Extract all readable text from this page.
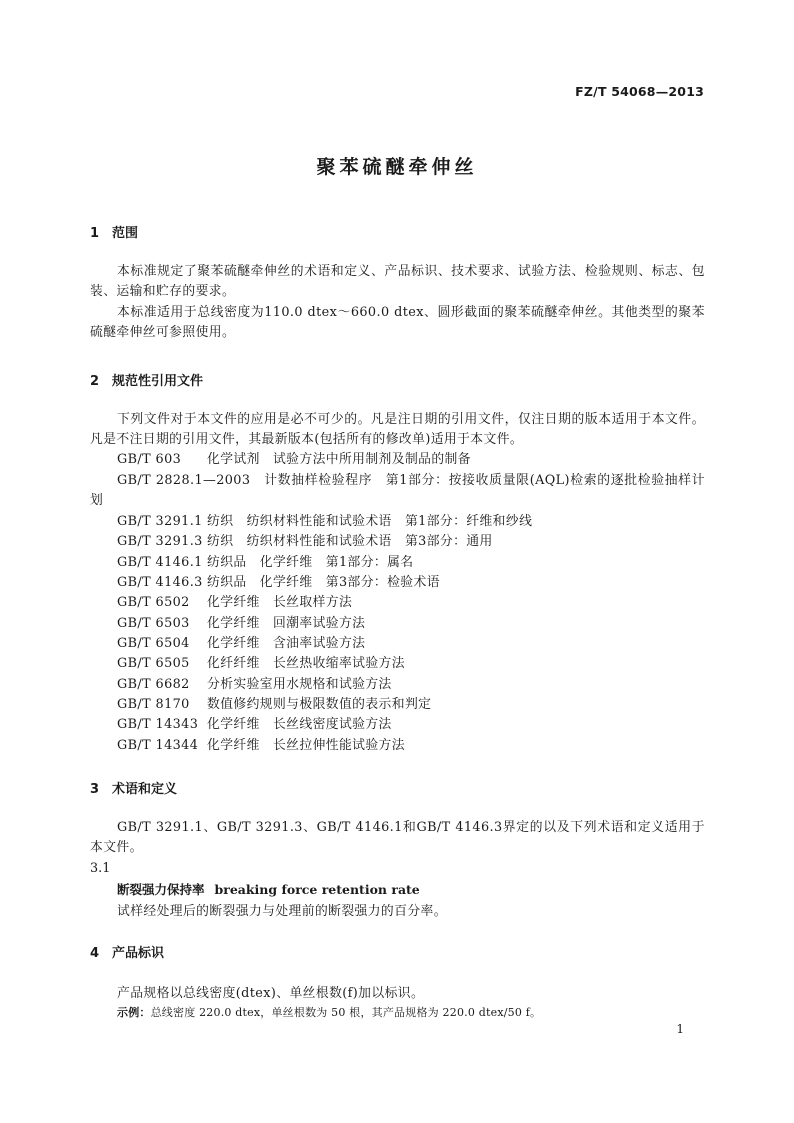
FZ/T 54068—2013
聚苯硫醚牵伸丝
1 范围
本标准规定了聚苯硫醚牵伸丝的术语和定义、产品标识、技术要求、试验方法、检验规则、标志、包装、运输和贮存的要求。
本标准适用于总线密度为110.0 dtex～660.0 dtex、圆形截面的聚苯硫醚牵伸丝。其他类型的聚苯硫醚牵伸丝可参照使用。
2 规范性引用文件
下列文件对于本文件的应用是必不可少的。凡是注日期的引用文件，仅注日期的版本适用于本文件。凡是不注日期的引用文件，其最新版本(包括所有的修改单)适用于本文件。
GB/T 603 化学试剂　试验方法中所用制剂及制品的制备
GB/T 2828.1—2003　计数抽样检验程序　第1部分：按接收质量限(AQL)检索的逐批检验抽样计划
GB/T 3291.1 纺织　纺织材料性能和试验术语　第1部分：纤维和纱线
GB/T 3291.3 纺织　纺织材料性能和试验术语　第3部分：通用
GB/T 4146.1 纺织品　化学纤维　第1部分：属名
GB/T 4146.3 纺织品　化学纤维　第3部分：检验术语
GB/T 6502 化学纤维　长丝取样方法
GB/T 6503 化学纤维　回潮率试验方法
GB/T 6504 化学纤维　含油率试验方法
GB/T 6505 化纤纤维　长丝热收缩率试验方法
GB/T 6682 分析实验室用水规格和试验方法
GB/T 8170 数值修约规则与极限数值的表示和判定
GB/T 14343 化学纤维　长丝线密度试验方法
GB/T 14344 化学纤维　长丝拉伸性能试验方法
3 术语和定义
GB/T 3291.1、GB/T 3291.3、GB/T 4146.1和GB/T 4146.3界定的以及下列术语和定义适用于本文件。
3.1
断裂强力保持率 breaking force retention rate
试样经处理后的断裂强力与处理前的断裂强力的百分率。
4 产品标识
产品规格以总线密度(dtex)、单丝根数(f)加以标识。
示例：总线密度 220.0 dtex，单丝根数为 50 根，其产品规格为 220.0 dtex/50 f。
1
